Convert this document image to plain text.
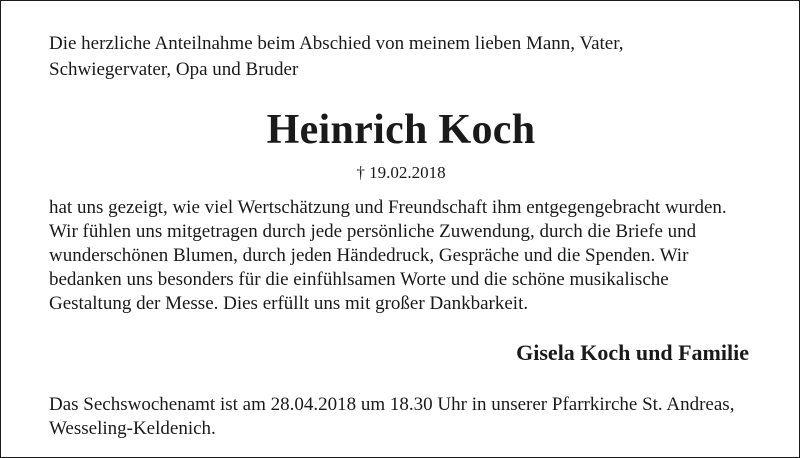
Die herzliche Anteilnahme beim Abschied von meinem lieben Mann, Vater,
Schwiegervater, Opa und Bruder

Heinrich Koch

† 19.02.2018

hat uns gezeigt, wie viel Wertschätzung und Freundschaft ihm entgegengebracht wurden.
Wir fühlen uns mitgetragen durch jede persönliche Zuwendung, durch die Briefe und
wunderschönen Blumen, durch jeden Händedruck, Gespräche und die Spenden. Wir
bedanken uns besonders für die einfühlsamen Worte und die schöne musikalische
Gestaltung der Messe. Dies erfüllt uns mit großer Dankbarkeit.

Gisela Koch und Familie

Das Sechswochenamt ist am 28.04.2018 um 18.30 Uhr in unserer Pfarrkirche St. Andreas,
Wesseling-Keldenich.
